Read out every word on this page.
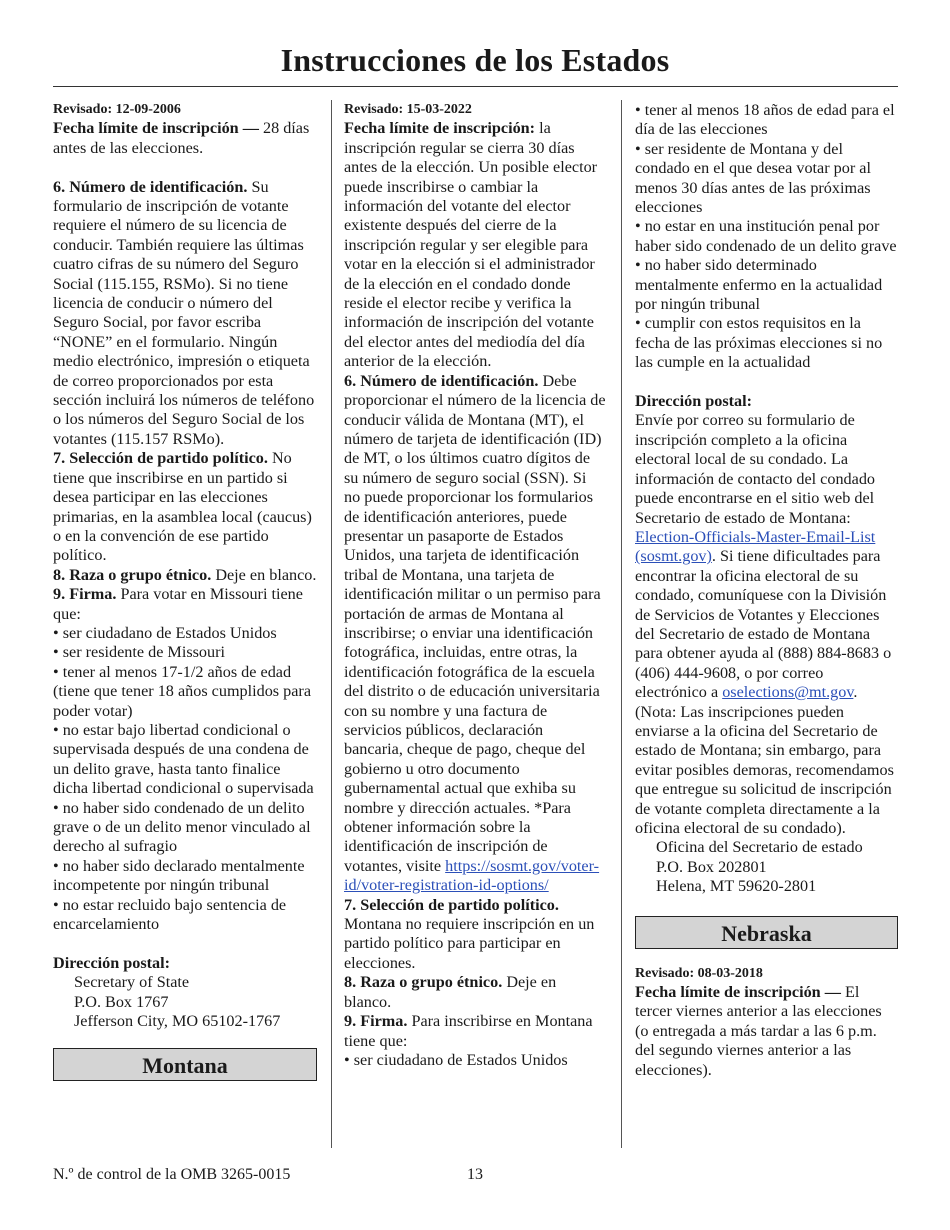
Instrucciones de los Estados

Revisado: 12-09-2006

Fecha límite de inscripción — 28 días antes de las elecciones.

6. Número de identificación. Su formulario de inscripción de votante requiere el número de su licencia de conducir. También requiere las últimas cuatro cifras de su número del Seguro Social (115.155, RSMo). Si no tiene licencia de conducir o número del Seguro Social, por favor escriba “NONE” en el formulario. Ningún medio electrónico, impresión o etiqueta de correo proporcionados por esta sección incluirá los números de teléfono o los números del Seguro Social de los votantes (115.157 RSMo).

7. Selección de partido político. No tiene que inscribirse en un partido si desea participar en las elecciones primarias, en la asamblea local (caucus) o en la convención de ese partido político.

8. Raza o grupo étnico. Deje en blanco.

9. Firma. Para votar en Missouri tiene que:

• ser ciudadano de Estados Unidos

• ser residente de Missouri

• tener al menos 17-1/2 años de edad (tiene que tener 18 años cumplidos para poder votar)

• no estar bajo libertad condicional o supervisada después de una condena de un delito grave, hasta tanto finalice dicha libertad condicional o supervisada

• no haber sido condenado de un delito grave o de un delito menor vinculado al derecho al sufragio

• no haber sido declarado mentalmente incompetente por ningún tribunal

• no estar recluido bajo sentencia de encarcelamiento

Dirección postal:

Secretary of State

P.O. Box 1767

Jefferson City, MO 65102-1767

Montana

Revisado: 15-03-2022

Fecha límite de inscripción: la inscripción regular se cierra 30 días antes de la elección. Un posible elector puede inscribirse o cambiar la información del votante del elector existente después del cierre de la inscripción regular y ser elegible para votar en la elección si el administrador de la elección en el condado donde reside el elector recibe y verifica la información de inscripción del votante del elector antes del mediodía del día anterior de la elección.

6. Número de identificación. Debe proporcionar el número de la licencia de conducir válida de Montana (MT), el número de tarjeta de identificación (ID) de MT, o los últimos cuatro dígitos de su número de seguro social (SSN). Si no puede proporcionar los formularios de identificación anteriores, puede presentar un pasaporte de Estados Unidos, una tarjeta de identificación tribal de Montana, una tarjeta de identificación militar o un permiso para portación de armas de Montana al inscribirse; o enviar una identificación fotográfica, incluidas, entre otras, la identificación fotográfica de la escuela del distrito o de educación universitaria con su nombre y una factura de servicios públicos, declaración bancaria, cheque de pago, cheque del gobierno u otro documento gubernamental actual que exhiba su nombre y dirección actuales. *Para obtener información sobre la identificación de inscripción de votantes, visite https://sosmt.gov/voter-id/voter-registration-id-options/

7. Selección de partido político. Montana no requiere inscripción en un partido político para participar en elecciones.

8. Raza o grupo étnico. Deje en blanco.

9. Firma. Para inscribirse en Montana tiene que:

• ser ciudadano de Estados Unidos

• tener al menos 18 años de edad para el día de las elecciones

• ser residente de Montana y del condado en el que desea votar por al menos 30 días antes de las próximas elecciones

• no estar en una institución penal por haber sido condenado de un delito grave

• no haber sido determinado mentalmente enfermo en la actualidad por ningún tribunal

• cumplir con estos requisitos en la fecha de las próximas elecciones si no las cumple en la actualidad

Dirección postal:

Envíe por correo su formulario de inscripción completo a la oficina electoral local de su condado. La información de contacto del condado puede encontrarse en el sitio web del Secretario de estado de Montana: Election-Officials-Master-Email-List (sosmt.gov). Si tiene dificultades para encontrar la oficina electoral de su condado, comuníquese con la División de Servicios de Votantes y Elecciones del Secretario de estado de Montana para obtener ayuda al (888) 884-8683 o (406) 444-9608, o por correo electrónico a oselections@mt.gov. (Nota: Las inscripciones pueden enviarse a la oficina del Secretario de estado de Montana; sin embargo, para evitar posibles demoras, recomendamos que entregue su solicitud de inscripción de votante completa directamente a la oficina electoral de su condado).

Oficina del Secretario de estado

P.O. Box 202801

Helena, MT 59620-2801

Nebraska

Revisado: 08-03-2018

Fecha límite de inscripción — El tercer viernes anterior a las elecciones (o entregada a más tardar a las 6 p.m. del segundo viernes anterior a las elecciones).

N.º de control de la OMB 3265-0015	13
